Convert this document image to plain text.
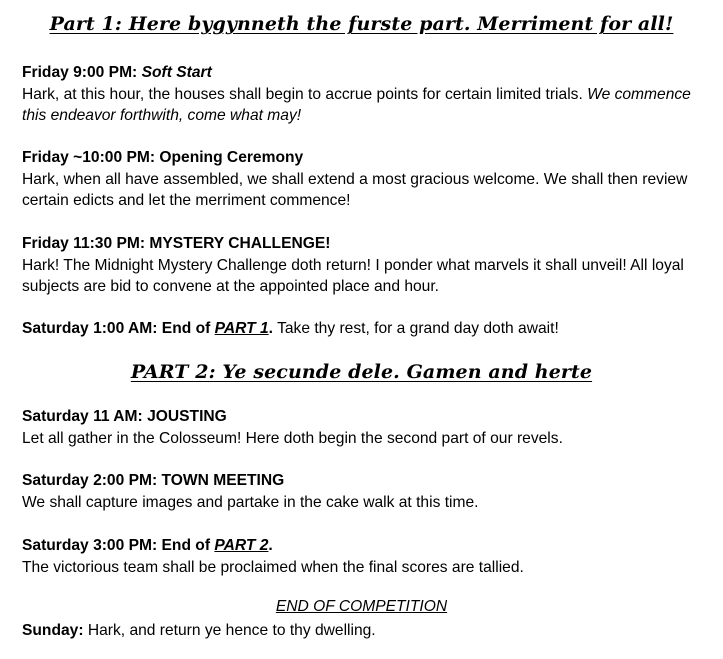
Part 1: Here bygynneth the furste part. Merriment for all!
Friday 9:00 PM: Soft Start
Hark, at this hour, the houses shall begin to accrue points for certain limited trials. We commence this endeavor forthwith, come what may!
Friday ~10:00 PM: Opening Ceremony
Hark, when all have assembled, we shall extend a most gracious welcome. We shall then review certain edicts and let the merriment commence!
Friday 11:30 PM: MYSTERY CHALLENGE!
Hark! The Midnight Mystery Challenge doth return! I ponder what marvels it shall unveil! All loyal subjects are bid to convene at the appointed place and hour.
Saturday 1:00 AM: End of PART 1. Take thy rest, for a grand day doth await!
PART 2: Ye secunde dele. Gamen and herte
Saturday 11 AM: JOUSTING
Let all gather in the Colosseum! Here doth begin the second part of our revels.
Saturday 2:00 PM: TOWN MEETING
We shall capture images and partake in the cake walk at this time.
Saturday 3:00 PM: End of PART 2.
The victorious team shall be proclaimed when the final scores are tallied.
END OF COMPETITION
Sunday: Hark, and return ye hence to thy dwelling.
